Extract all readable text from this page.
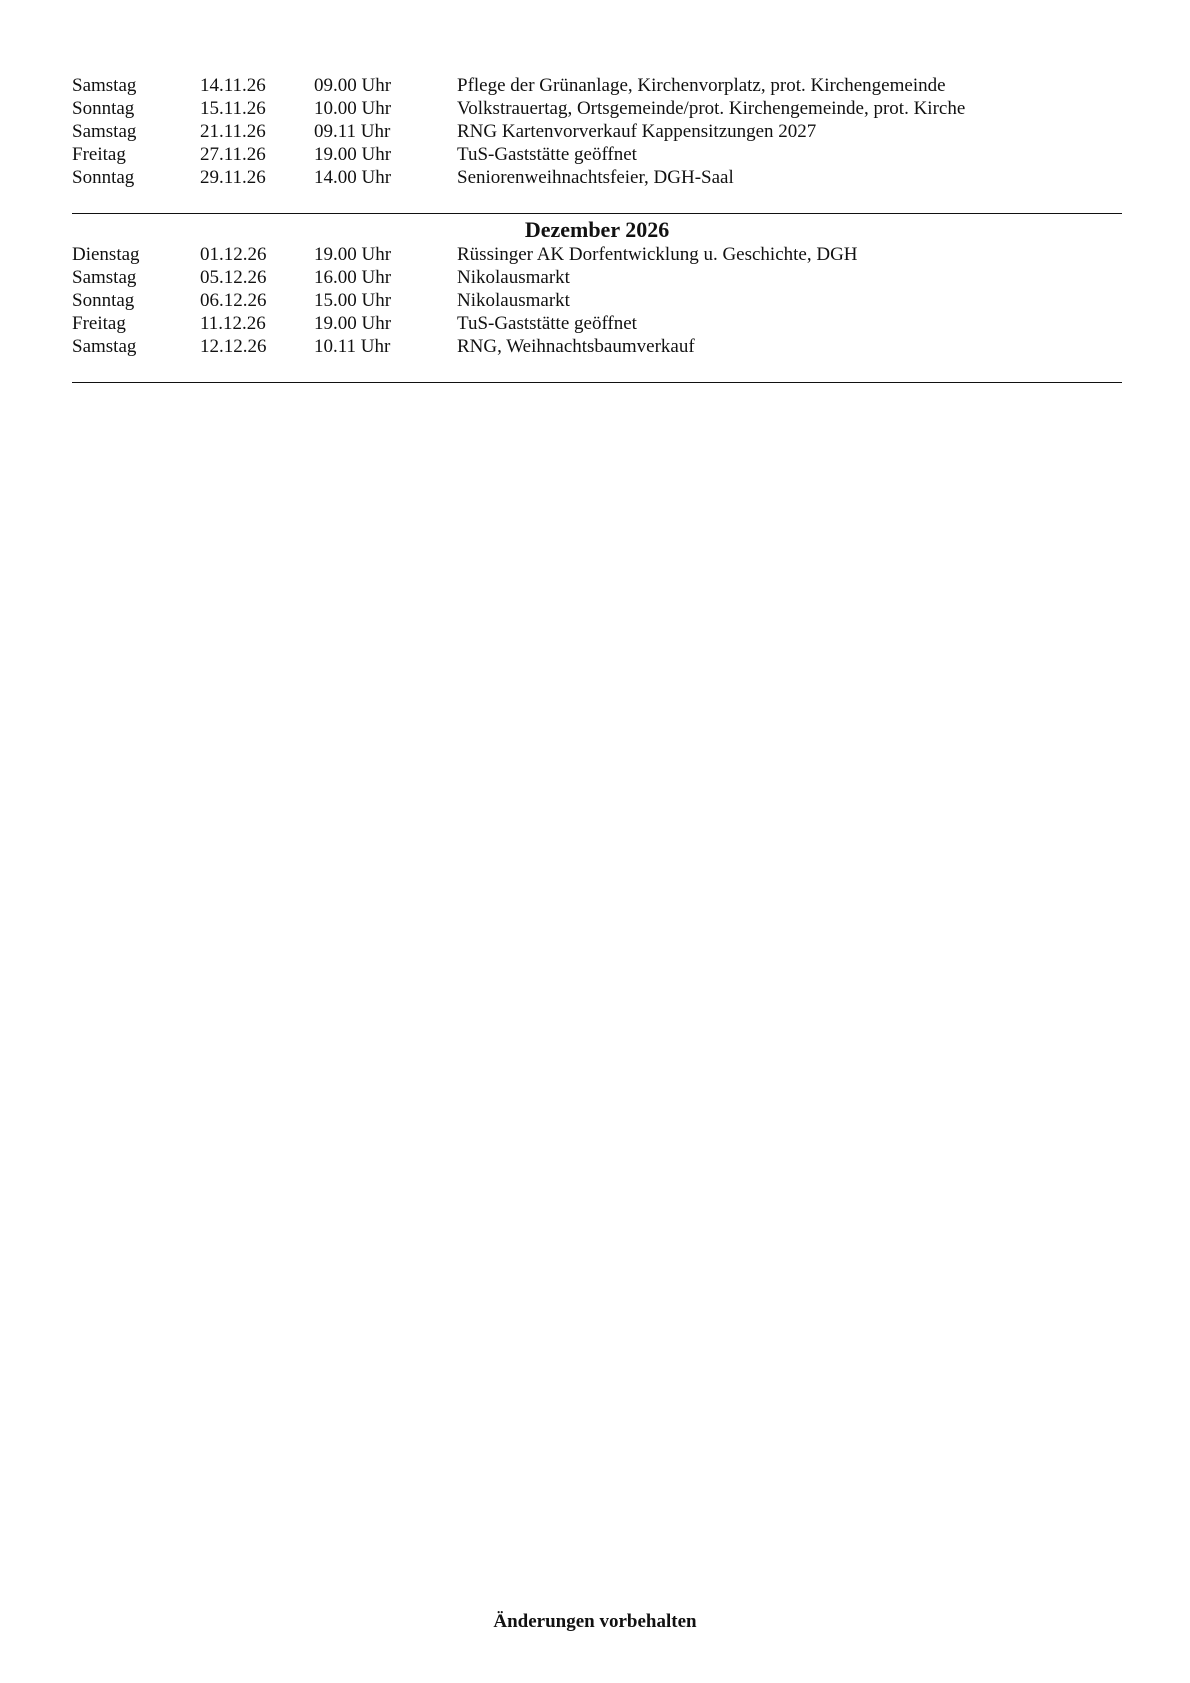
Samstag	14.11.26	09.00 Uhr	Pflege der Grünanlage, Kirchenvorplatz, prot. Kirchengemeinde
Sonntag	15.11.26	10.00 Uhr	Volkstrauertag, Ortsgemeinde/prot. Kirchengemeinde, prot. Kirche
Samstag	21.11.26	09.11 Uhr	RNG Kartenvorverkauf Kappensitzungen 2027
Freitag	27.11.26	19.00 Uhr	TuS-Gaststätte geöffnet
Sonntag	29.11.26	14.00 Uhr	Seniorenweihnachtsfeier, DGH-Saal
Dezember 2026
Dienstag	01.12.26	19.00 Uhr	Rüssinger AK Dorfentwicklung u. Geschichte, DGH
Samstag	05.12.26	16.00 Uhr	Nikolausmarkt
Sonntag	06.12.26	15.00 Uhr	Nikolausmarkt
Freitag	11.12.26	19.00 Uhr	TuS-Gaststätte geöffnet
Samstag	12.12.26	10.11 Uhr	RNG, Weihnachtsbaumverkauf
Änderungen vorbehalten
